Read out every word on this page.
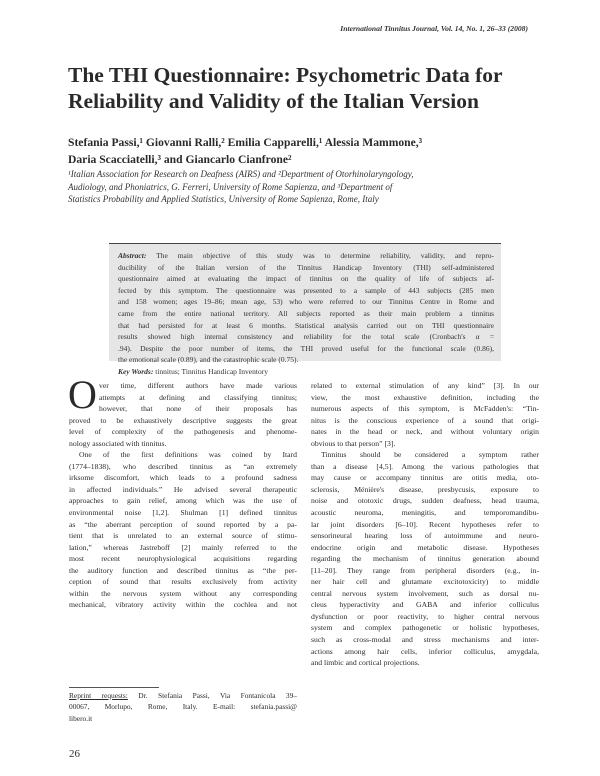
International Tinnitus Journal, Vol. 14, No. 1, 26–33 (2008)
The THI Questionnaire: Psychometric Data for
Reliability and Validity of the Italian Version
Stefania Passi,¹ Giovanni Ralli,² Emilia Capparelli,¹ Alessia Mammone,³
Daria Scacciatelli,³ and Giancarlo Cianfrone²
¹Italian Association for Research on Deafness (AIRS) and ²Department of Otorhinolaryngology,
Audiology, and Phoniatrics, G. Ferreri, University of Rome Sapienza, and ³Department of
Statistics Probability and Applied Statistics, University of Rome Sapienza, Rome, Italy
Abstract: The main objective of this study was to determine reliability, validity, and repro-
ducibility of the Italian version of the Tinnitus Handicap Inventory (THI) self-administered
questionnaire aimed at evaluating the impact of tinnitus on the quality of life of subjects af-
fected by this symptom. The questionnaire was presented to a sample of 443 subjects (285 men
and 158 women; ages 19–86; mean age, 53) who were referred to our Tinnitus Centre in Rome and
came from the entire national territory. All subjects reported as their main problem a tinnitus
that had persisted for at least 6 months. Statistical analysis carried out on THI questionnaire
results showed high internal consistency and reliability for the total scale (Cronbach's α =
.94). Despite the poor number of items, the THI proved useful for the functional scale (0.86),
the emotional scale (0.89), and the catastrophic scale (0.75).
Key Words: tinnitus; Tinnitus Handicap Inventory
O ver time, different authors have made various
attempts at defining and classifying tinnitus;
however, that none of their proposals has
proved to be exhaustively descriptive suggests the great
level of complexity of the pathogenesis and phenome-
nology associated with tinnitus.
One of the first definitions was coined by Itard
(1774–1838), who described tinnitus as “an extremely
irksome discomfort, which leads to a profound sadness
in affected individuals.” He advised several therapeutic
approaches to gain relief, among which was the use of
environmental noise [1,2]. Shulman [1] defined tinnitus
as “the aberrant perception of sound reported by a pa-
tient that is unrelated to an external source of stimu-
lation,” whereas Jastreboff [2] mainly referred to the
most recent neurophysiological acquisitions regarding
the auditory function and described tinnitus as “the per-
ception of sound that results exclusively from activity
within the nervous system without any corresponding
mechanical, vibratory activity within the cochlea and not
related to external stimulation of any kind” [3]. In our
view, the most exhaustive definition, including the
numerous aspects of this symptom, is McFadden's: “Tin-
nitus is the conscious experience of a sound that origi-
nates in the head or neck, and without voluntary origin
obvious to that person” [3].
Tinnitus should be considered a symptom rather
than a disease [4,5]. Among the various pathologies that
may cause or accompany tinnitus are otitis media, oto-
sclerosis, Ménière's disease, presbycusis, exposure to
noise and ototoxic drugs, sudden deafness, head trauma,
acoustic neuroma, meningitis, and temporomandibu-
lar joint disorders [6–10]. Recent hypotheses refer to
sensorineural hearing loss of autoimmune and neuro-
endocrine origin and metabolic disease. Hypotheses
regarding the mechanism of tinnitus generation abound
[11–20]. They range from peripheral disorders (e.g., in-
ner hair cell and glutamate excitotoxicity) to middle
central nervous system involvement, such as dorsal nu-
cleus hyperactivity and GABA and inferior colliculus
dysfunction or poor reactivity, to higher central nervous
system and complex pathogenetic or holistic hypotheses,
such as cross-modal and stress mechanisms and inter-
actions among hair cells, inferior colliculus, amygdala,
and limbic and cortical projections.
Reprint requests: Dr. Stefania Passi, Via Fontanicola 39–
00067, Morlupo, Rome, Italy. E-mail: stefania.passi@
libero.it
26
